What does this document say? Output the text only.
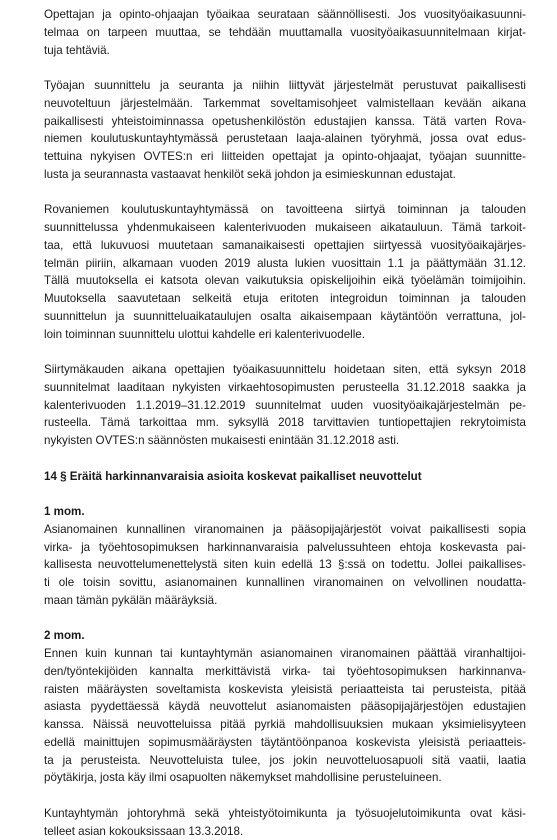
Opettajan ja opinto-ohjaajan työaikaa seurataan säännöllisesti. Jos vuosityöaikasuunni-
telmaa on tarpeen muuttaa, se tehdään muuttamalla vuosityöaikasuunnitelmaan kirjat-
tuja tehtäviä.
Työajan suunnittelu ja seuranta ja niihin liittyvät järjestelmät perustuvat paikallisesti
neuvoteltuun järjestelmään. Tarkemmat soveltamisohjeet valmistellaan kevään aikana
paikallisesti yhteistoiminnassa opetushenkilöstön edustajien kanssa. Tätä varten Rova-
niemen koulutuskuntayhtymässä perustetaan laaja-alainen työryhmä, jossa ovat edus-
tettuina nykyisen OVTES:n eri liitteiden opettajat ja opinto-ohjaajat, työajan suunnitte-
lusta ja seurannasta vastaavat henkilöt sekä johdon ja esimieskunnan edustajat.
Rovaniemen koulutuskuntayhtymässä on tavoitteena siirtyä toiminnan ja talouden
suunnittelussa yhdenmukaiseen kalenterivuoden mukaiseen aikatauluun. Tämä tarkoit-
taa, että lukuvuosi muutetaan samanaikaisesti opettajien siirtyessä vuosityöaikajärjes-
telmän piiriin, alkamaan vuoden 2019 alusta lukien vuosittain 1.1 ja päättymään 31.12.
Tällä muutoksella ei katsota olevan vaikutuksia opiskelijoihin eikä työelämän toimijoihin.
Muutoksella saavutetaan selkeitä etuja eritoten integroidun toiminnan ja talouden
suunnittelun ja suunnitteluaikataulujen osalta aikaisempaan käytäntöön verrattuna, jol-
loin toiminnan suunnittelu ulottui kahdelle eri kalenterivuodelle.
Siirtymäkauden aikana opettajien työaikasuunnittelu hoidetaan siten, että syksyn 2018
suunnitelmat laaditaan nykyisten virkaehtosopimusten perusteella 31.12.2018 saakka ja
kalenterivuoden 1.1.2019–31.12.2019 suunnitelmat uuden vuosityöaikajärjestelmän pe-
rusteella. Tämä tarkoittaa mm. syksyllä 2018 tarvittavien tuntiopettajien rekrytoimista
nykyisten OVTES:n säännösten mukaisesti enintään 31.12.2018 asti.
14 § Eräitä harkinnanvaraisia asioita koskevat paikalliset neuvottelut
1 mom.
Asianomainen kunnallinen viranomainen ja pääsopijajärjestöt voivat paikallisesti sopia
virka- ja työehtosopimuksen harkinnanvaraisia palvelussuhteen ehtoja koskevasta pai-
kallisesta neuvottelumenettelystä siten kuin edellä 13 §:ssä on todettu. Jollei paikallises-
ti ole toisin sovittu, asianomainen kunnallinen viranomainen on velvollinen noudatta-
maan tämän pykälän määräyksiä.
2 mom.
Ennen kuin kunnan tai kuntayhtymän asianomainen viranomainen päättää viranhaltijoi-
den/työntekijöiden kannalta merkittävistä virka- tai työehtosopimuksen harkinnanva-
raisten määräysten soveltamista koskevista yleisistä periaatteista tai perusteista, pitää
asiasta pyydettäessä käydä neuvottelut asianomaisten pääsopijajärjestöjen edustajien
kanssa. Näissä neuvotteluissa pitää pyrkiä mahdollisuuksien mukaan yksimielisyyteen
edellä mainittujen sopimusmääräysten täytäntöönpanoa koskevista yleisistä periaatteis-
ta ja perusteista. Neuvotteluista tulee, jos jokin neuvotteluosapuoli sitä vaatii, laatia
pöytäkirja, josta käy ilmi osapuolten näkemykset mahdollisine perusteluineen.
Kuntayhtymän johtoryhmä sekä yhteistyötoimikunta ja työsuojelutoimikunta ovat käsi-
telleet asian kokouksissaan 13.3.2018.
